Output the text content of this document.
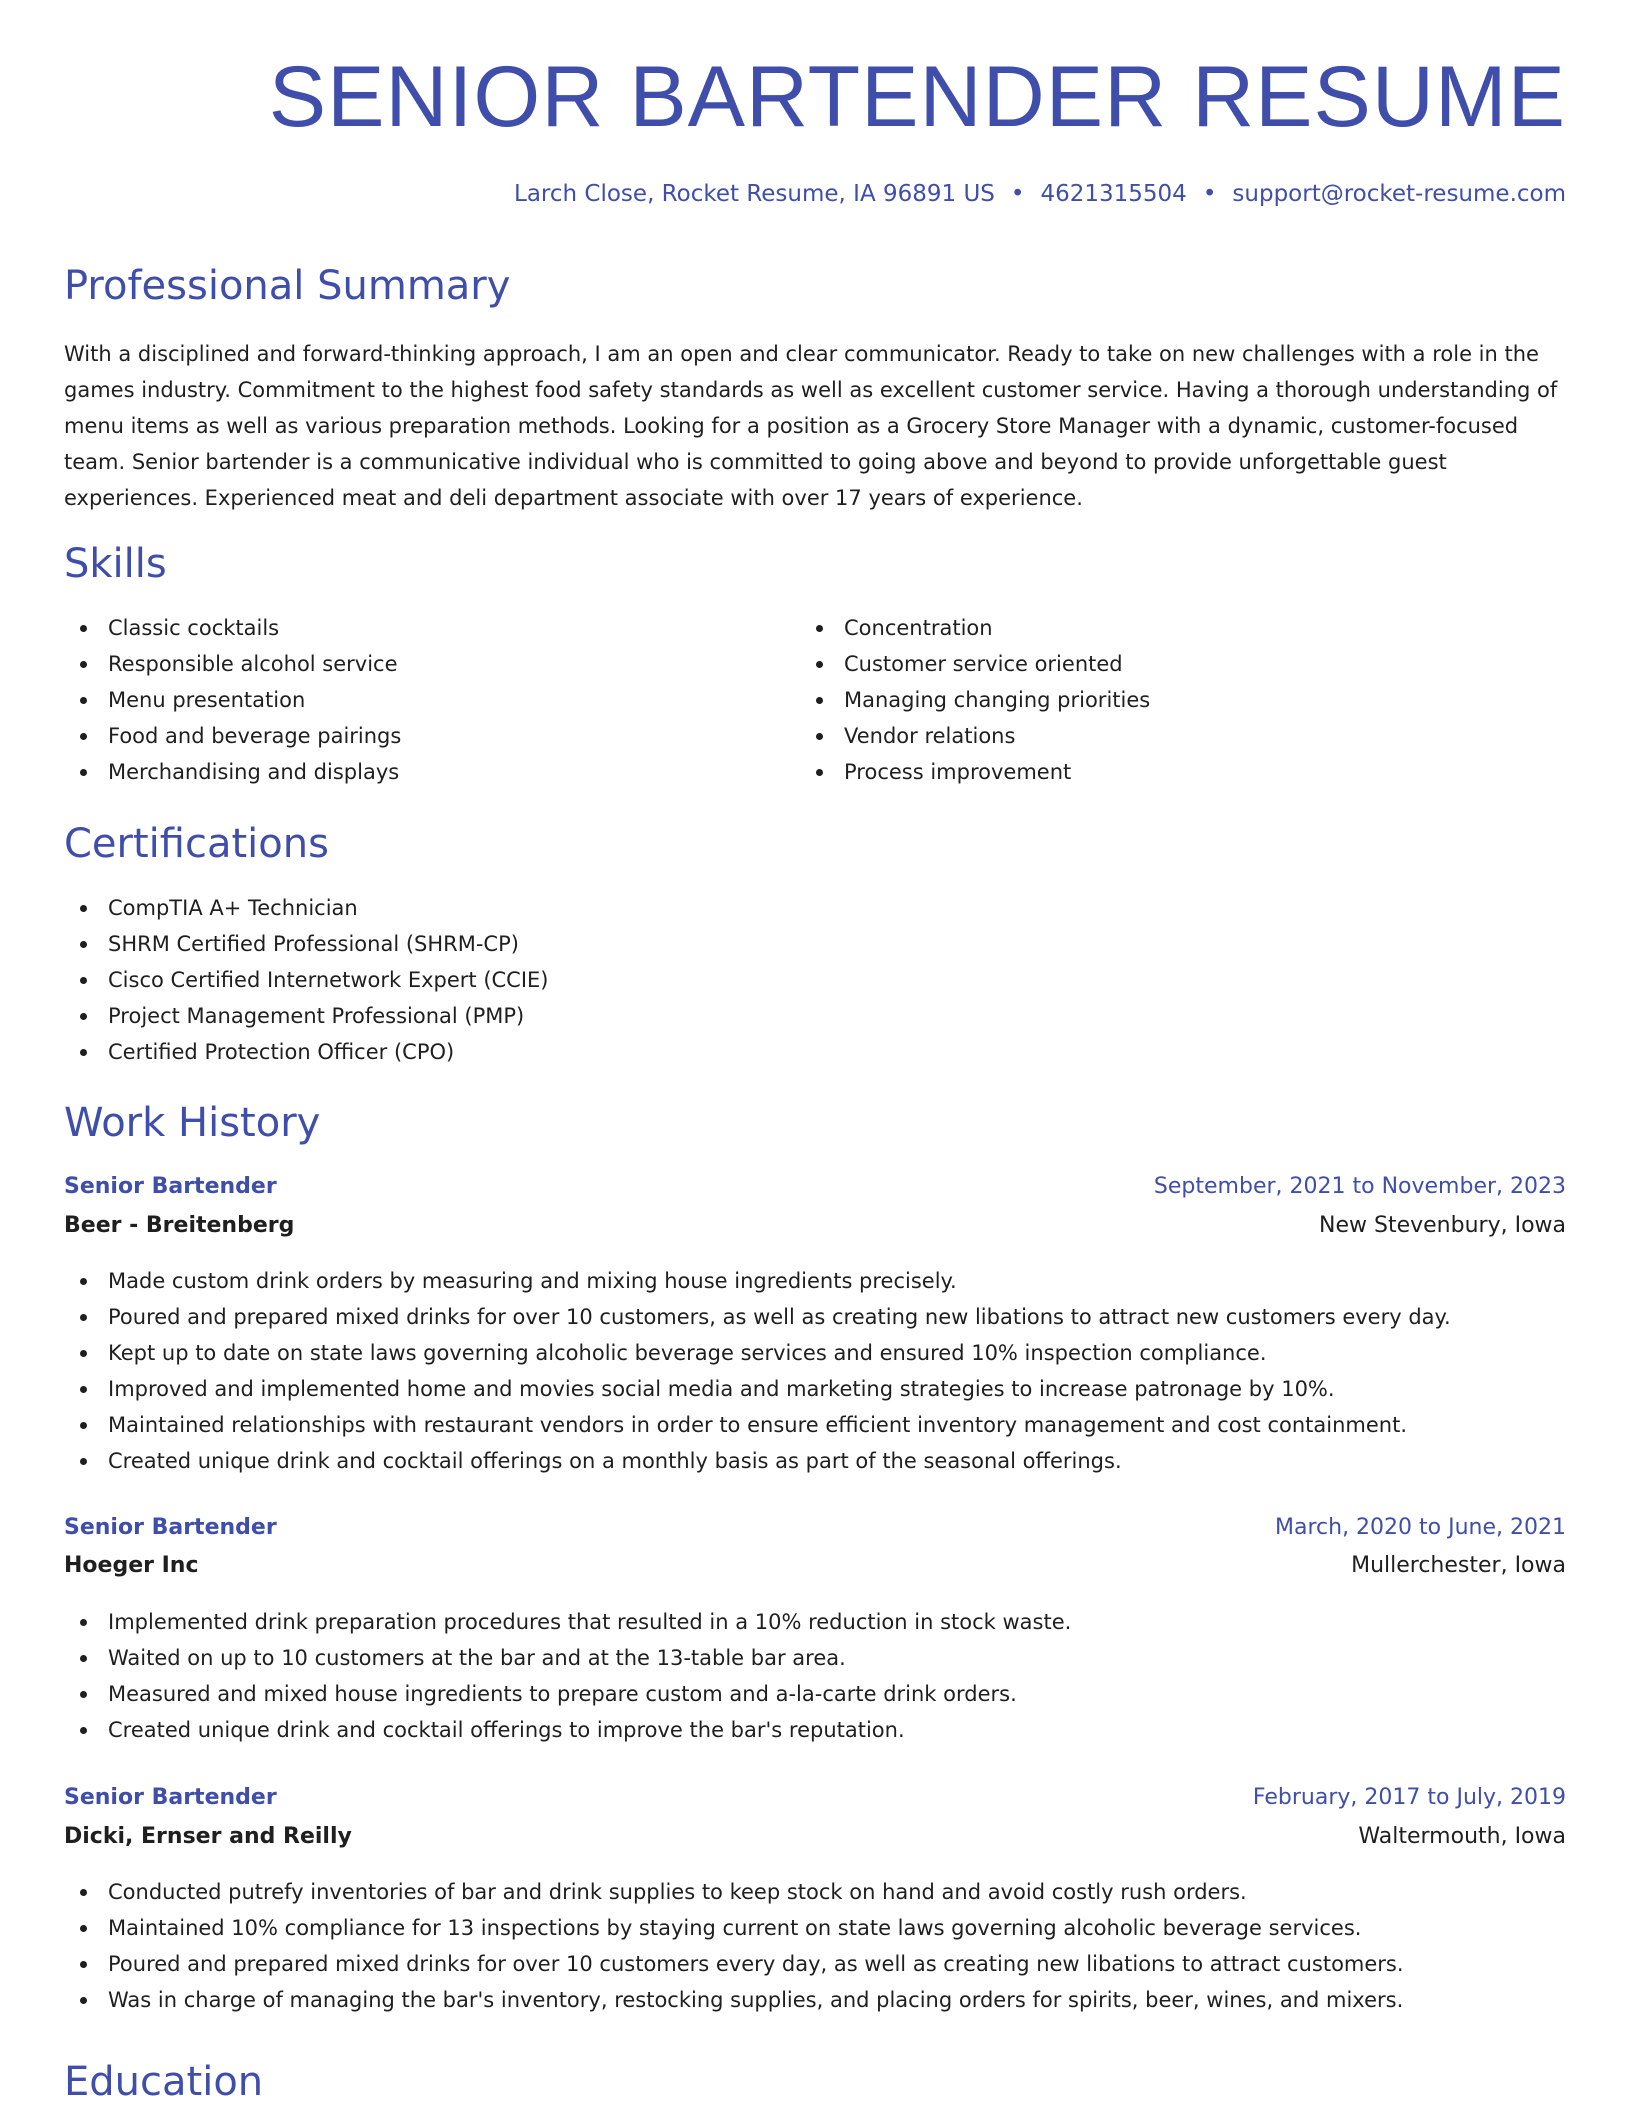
SENIOR BARTENDER RESUME
Larch Close, Rocket Resume, IA 96891 US • 4621315504 • support@rocket-resume.com
Professional Summary

With a disciplined and forward-thinking approach, I am an open and clear communicator. Ready to take on new challenges with a role in the games industry. Commitment to the highest food safety standards as well as excellent customer service. Having a thorough understanding of menu items as well as various preparation methods. Looking for a position as a Grocery Store Manager with a dynamic, customer-focused team. Senior bartender is a communicative individual who is committed to going above and beyond to provide unforgettable guest experiences. Experienced meat and deli department associate with over 17 years of experience.

Skills
Classic cocktails
Responsible alcohol service
Menu presentation
Food and beverage pairings
Merchandising and displays
Concentration
Customer service oriented
Managing changing priorities
Vendor relations
Process improvement
Certifications
CompTIA A+ Technician
SHRM Certified Professional (SHRM-CP)
Cisco Certified Internetwork Expert (CCIE)
Project Management Professional (PMP)
Certified Protection Officer (CPO)
Work History
Senior Bartender	September, 2021 to November, 2023
Beer - Breitenberg	New Stevenbury, Iowa
Made custom drink orders by measuring and mixing house ingredients precisely.
Poured and prepared mixed drinks for over 10 customers, as well as creating new libations to attract new customers every day.
Kept up to date on state laws governing alcoholic beverage services and ensured 10% inspection compliance.
Improved and implemented home and movies social media and marketing strategies to increase patronage by 10%.
Maintained relationships with restaurant vendors in order to ensure efficient inventory management and cost containment.
Created unique drink and cocktail offerings on a monthly basis as part of the seasonal offerings.
Senior Bartender	March, 2020 to June, 2021
Hoeger Inc	Mullerchester, Iowa
Implemented drink preparation procedures that resulted in a 10% reduction in stock waste.
Waited on up to 10 customers at the bar and at the 13-table bar area.
Measured and mixed house ingredients to prepare custom and a-la-carte drink orders.
Created unique drink and cocktail offerings to improve the bar's reputation.
Senior Bartender	February, 2017 to July, 2019
Dicki, Ernser and Reilly	Waltermouth, Iowa
Conducted putrefy inventories of bar and drink supplies to keep stock on hand and avoid costly rush orders.
Maintained 10% compliance for 13 inspections by staying current on state laws governing alcoholic beverage services.
Poured and prepared mixed drinks for over 10 customers every day, as well as creating new libations to attract customers.
Was in charge of managing the bar's inventory, restocking supplies, and placing orders for spirits, beer, wines, and mixers.
Education
